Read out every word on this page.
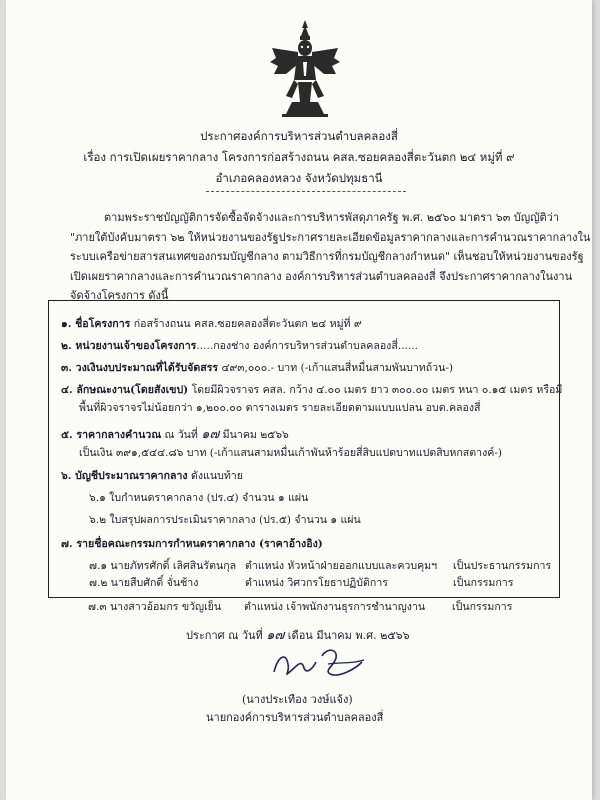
ประกาศองค์การบริหารส่วนตำบลคลองสี่
เรื่อง การเปิดเผยราคากลาง โครงการก่อสร้างถนน คสล.ซอยคลองสี่ตะวันตก ๒๔ หมู่ที่ ๙
อำเภอคลองหลวง จังหวัดปทุมธานี
ตามพระราชบัญญัติการจัดซื้อจัดจ้างและการบริหารพัสดุภาครัฐ พ.ศ. ๒๕๖๐ มาตรา ๖๓ บัญญัติว่า
"ภายใต้บังคับมาตรา ๖๒ ให้หน่วยงานของรัฐประกาศรายละเอียดข้อมูลราคากลางและการคำนวณราคากลางใน
ระบบเครือข่ายสารสนเทศของกรมบัญชีกลาง ตามวิธีการที่กรมบัญชีกลางกำหนด" เห็นชอบให้หน่วยงานของรัฐ
เปิดเผยราคากลางและการคำนวณราคากลาง องค์การบริหารส่วนตำบลคลองสี่ จึงประกาศราคากลางในงาน
จัดจ้างโครงการ ดังนี้
๑. ชื่อโครงการ ก่อสร้างถนน คสล.ซอยคลองสี่ตะวันตก ๒๔ หมู่ที่ ๙
๒. หน่วยงานเจ้าของโครงการ.....กองช่าง องค์การบริหารส่วนตำบลคลองสี่......
๓. วงเงินงบประมาณที่ได้รับจัดสรร ๔๙๓,๐๐๐.- บาท (-เก้าแสนสี่หมื่นสามพันบาทถ้วน-)
๔. ลักษณะงาน(โดยสังเขป) โดยมีผิวจราจร คสล. กว้าง ๔.๐๐ เมตร ยาว ๓๐๐.๐๐ เมตร หนา ๐.๑๕ เมตร หรือมี
พื้นที่ผิวจราจรไม่น้อยกว่า ๑,๒๐๐.๐๐ ตารางเมตร รายละเอียดตามแบบแปลน อบต.คลองสี่
๕. ราคากลางคำนวณ ณ วันที่ ๑๗ มีนาคม ๒๕๖๖
เป็นเงิน ๓๙๑,๕๔๔.๘๖ บาท (-เก้าแสนสามหมื่นเก้าพันห้าร้อยสี่สิบแปดบาทแปดสิบหกสตางค์-)
๖. บัญชีประมาณราคากลาง ดังแนบท้าย
๖.๑ ใบกำหนดราคากลาง (ปร.๔) จำนวน ๑ แผ่น
๖.๒ ใบสรุปผลการประเมินราคากลาง (ปร.๕) จำนวน ๑ แผ่น
๗. รายชื่อคณะกรรมการกำหนดราคากลาง (ราคาอ้างอิง)
๗.๑ นายภัทรศักดิ์ เลิศสินรัตนกุล ตำแหน่ง หัวหน้าฝ่ายออกแบบและควบคุมฯ เป็นประธานกรรมการ
๗.๒ นายสืบศักดิ์ จั่นช้าง	ตำแหน่ง วิศวกรโยธาปฏิบัติการ	เป็นกรรมการ
๗.๓ นางสาวอ้อมกร ขวัญเย็น ตำแหน่ง เจ้าพนักงานธุรการชำนาญงาน	เป็นกรรมการ
ประกาศ ณ วันที่ ๑๗ เดือน มีนาคม พ.ศ. ๒๕๖๖
(นางประเทือง วงษ์แจ้ง)
นายกองค์การบริหารส่วนตำบลคลองสี่
